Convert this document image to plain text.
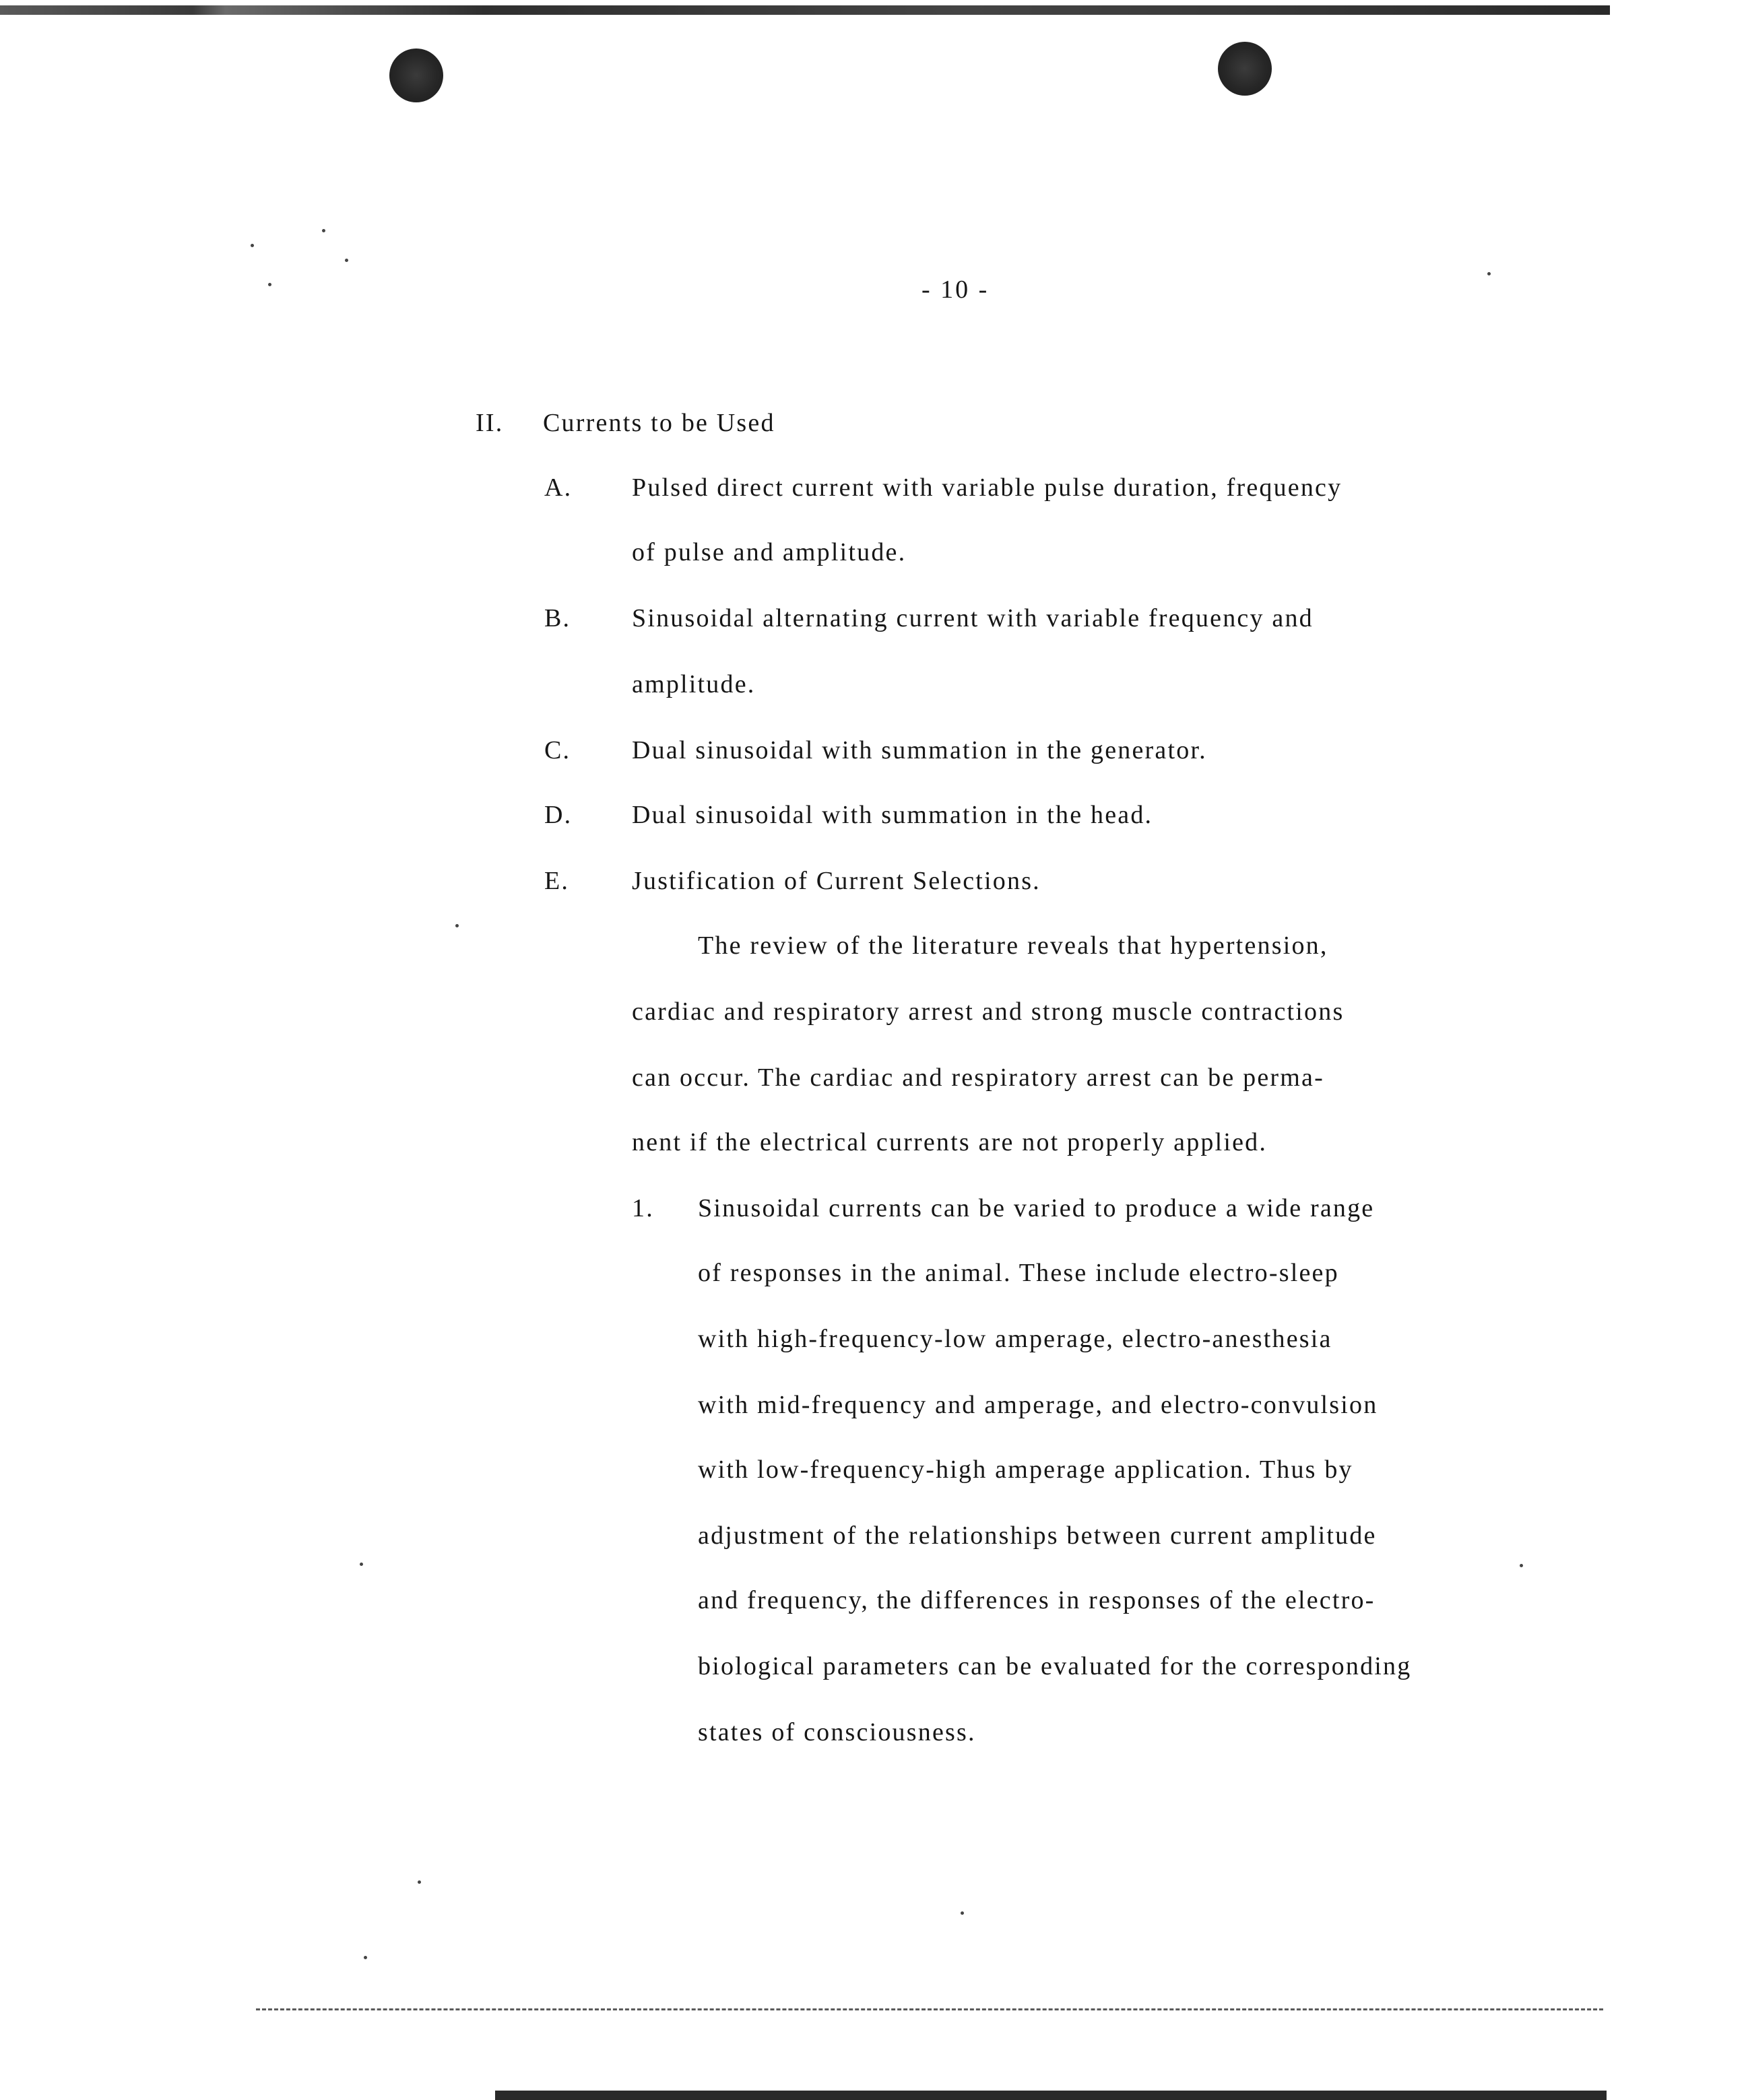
- 10 -
II. Currents to be Used
A. Pulsed direct current with variable pulse duration, frequency
of pulse and amplitude.
B. Sinusoidal alternating current with variable frequency and
amplitude.
C. Dual sinusoidal with summation in the generator.
D. Dual sinusoidal with summation in the head.
E. Justification of Current Selections.
The review of the literature reveals that hypertension,
cardiac and respiratory arrest and strong muscle contractions
can occur. The cardiac and respiratory arrest can be perma-
nent if the electrical currents are not properly applied.
1. Sinusoidal currents can be varied to produce a wide range
of responses in the animal. These include electro-sleep
with high-frequency-low amperage, electro-anesthesia
with mid-frequency and amperage, and electro-convulsion
with low-frequency-high amperage application. Thus by
adjustment of the relationships between current amplitude
and frequency, the differences in responses of the electro-
biological parameters can be evaluated for the corresponding
states of consciousness.
